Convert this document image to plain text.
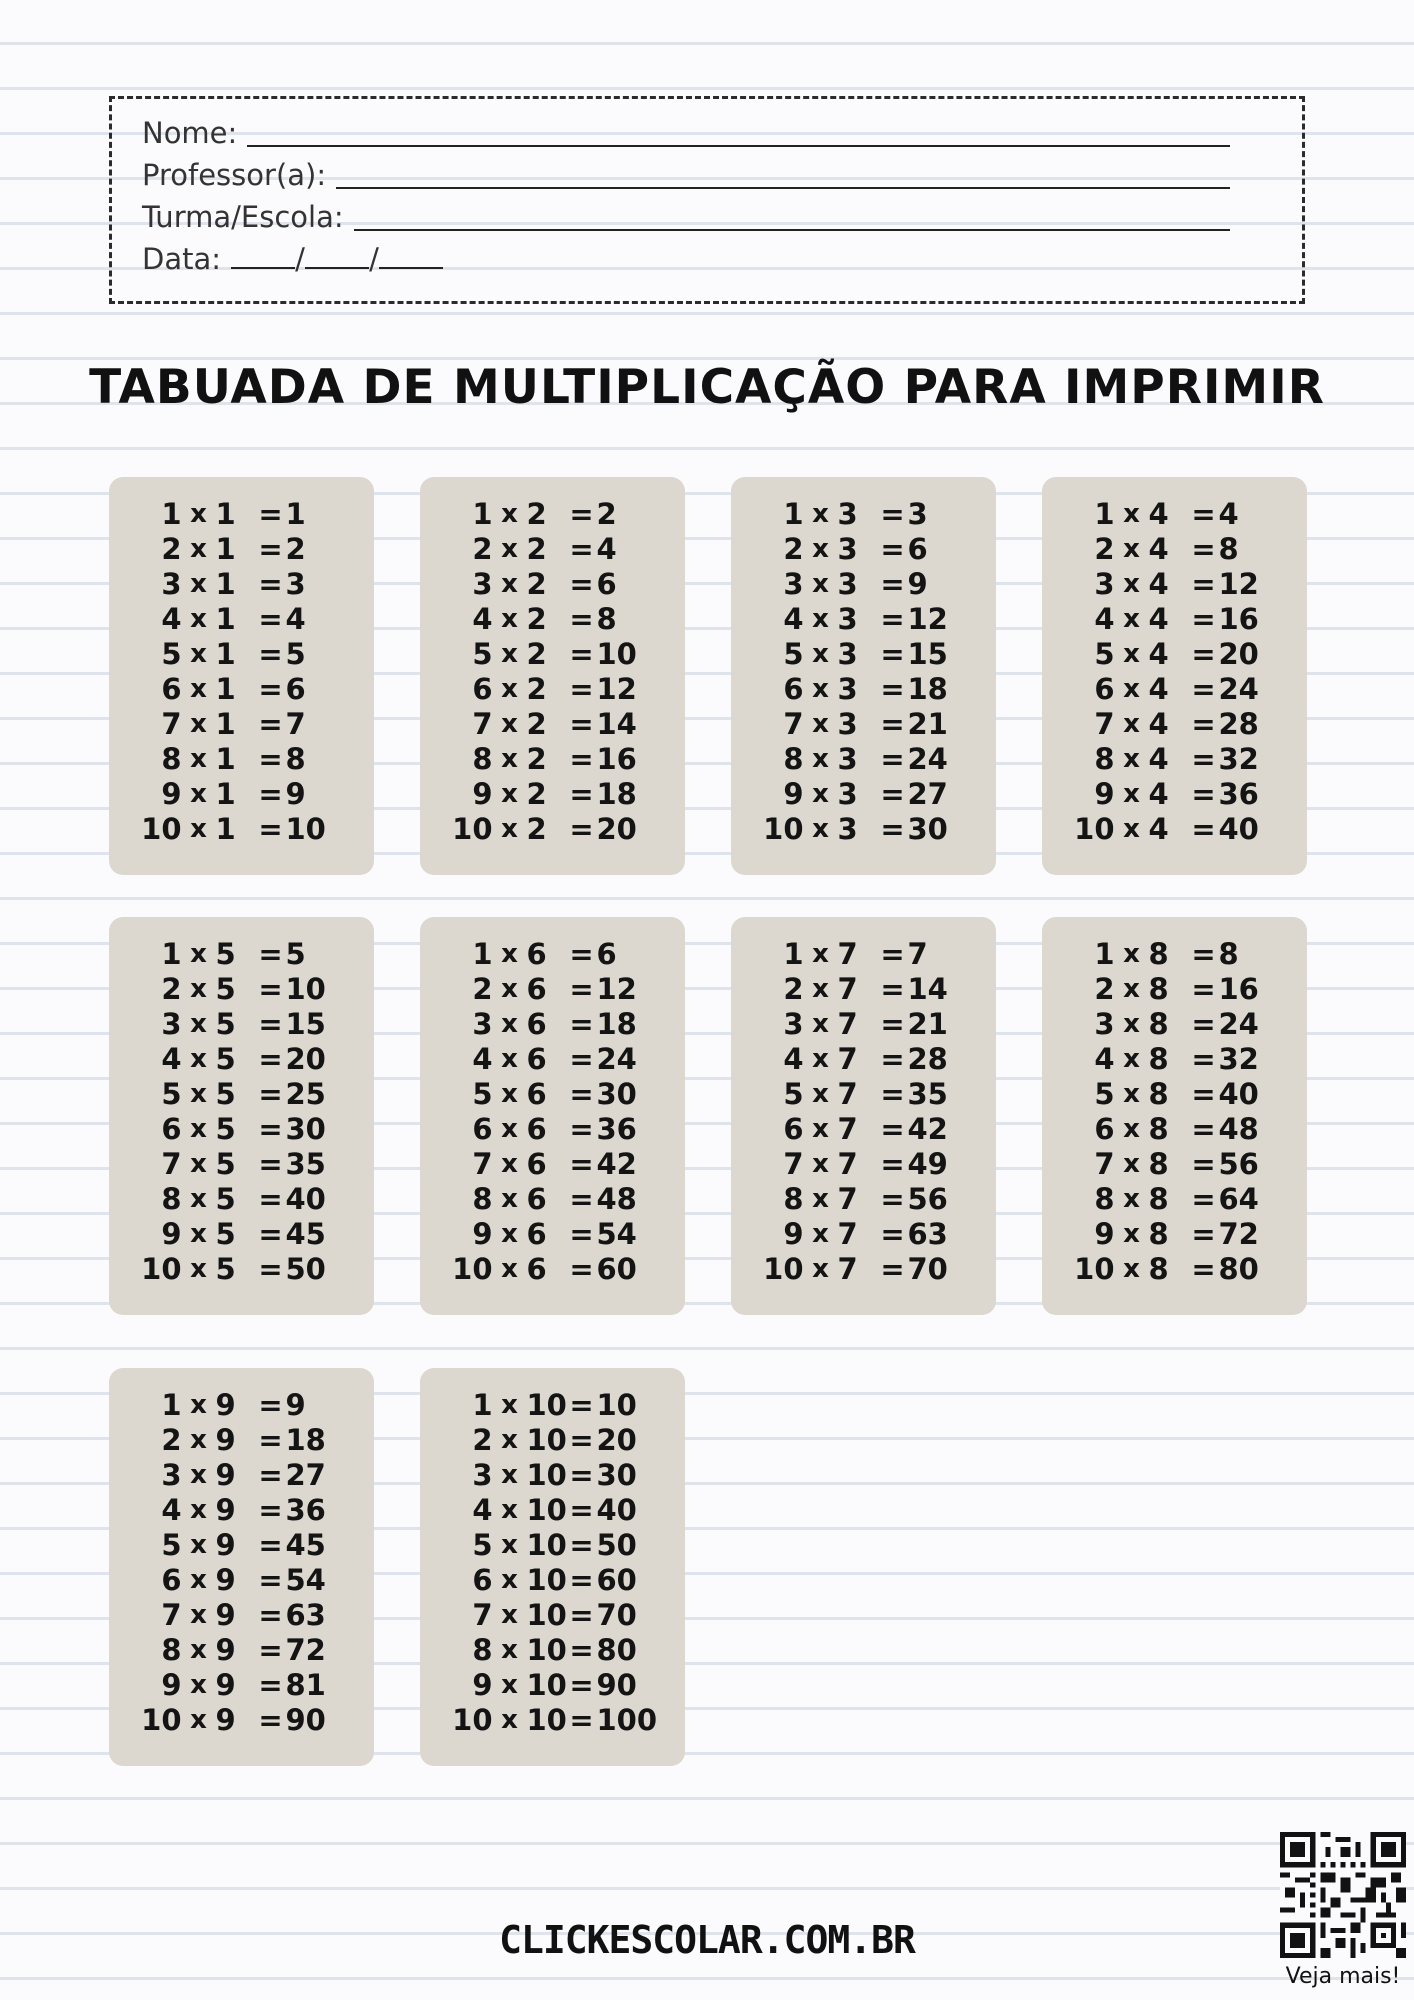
Nome:
Professor(a):
Turma/Escola:
Data:	/ /
TABUADA DE MULTIPLICAÇÃO PARA IMPRIMIR
1 x 1 = 1
2 x 1 = 2
3 x 1 = 3
4 x 1 = 4
5 x 1 = 5
6 x 1 = 6
7 x 1 = 7
8 x 1 = 8
9 x 1 = 9
10 x 1 = 10
1 x 2 = 2
2 x 2 = 4
3 x 2 = 6
4 x 2 = 8
5 x 2 = 10
6 x 2 = 12
7 x 2 = 14
8 x 2 = 16
9 x 2 = 18
10 x 2 = 20
1 x 3 = 3
2 x 3 = 6
3 x 3 = 9
4 x 3 = 12
5 x 3 = 15
6 x 3 = 18
7 x 3 = 21
8 x 3 = 24
9 x 3 = 27
10 x 3 = 30
1 x 4 = 4
2 x 4 = 8
3 x 4 = 12
4 x 4 = 16
5 x 4 = 20
6 x 4 = 24
7 x 4 = 28
8 x 4 = 32
9 x 4 = 36
10 x 4 = 40
1 x 5 = 5
2 x 5 = 10
3 x 5 = 15
4 x 5 = 20
5 x 5 = 25
6 x 5 = 30
7 x 5 = 35
8 x 5 = 40
9 x 5 = 45
10 x 5 = 50
1 x 6 = 6
2 x 6 = 12
3 x 6 = 18
4 x 6 = 24
5 x 6 = 30
6 x 6 = 36
7 x 6 = 42
8 x 6 = 48
9 x 6 = 54
10 x 6 = 60
1 x 7 = 7
2 x 7 = 14
3 x 7 = 21
4 x 7 = 28
5 x 7 = 35
6 x 7 = 42
7 x 7 = 49
8 x 7 = 56
9 x 7 = 63
10 x 7 = 70
1 x 8 = 8
2 x 8 = 16
3 x 8 = 24
4 x 8 = 32
5 x 8 = 40
6 x 8 = 48
7 x 8 = 56
8 x 8 = 64
9 x 8 = 72
10 x 8 = 80
1 x 9 = 9
2 x 9 = 18
3 x 9 = 27
4 x 9 = 36
5 x 9 = 45
6 x 9 = 54
7 x 9 = 63
8 x 9 = 72
9 x 9 = 81
10 x 9 = 90
1 x 10 = 10
2 x 10 = 20
3 x 10 = 30
4 x 10 = 40
5 x 10 = 50
6 x 10 = 60
7 x 10 = 70
8 x 10 = 80
9 x 10 = 90
10 x 10 = 100
CLICKESCOLAR.COM.BR
Veja mais!
